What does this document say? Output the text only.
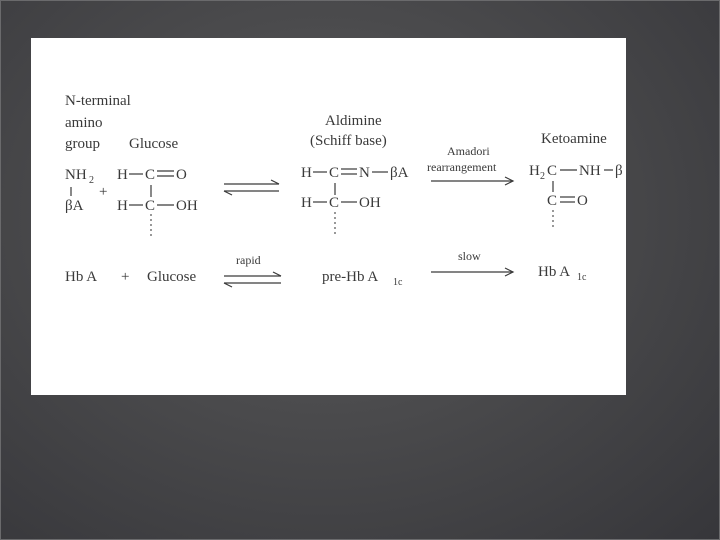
N-terminal
amino
group Glucose
NH 2
+
βA
H C O
H C OH
Aldimine
(Schiff base)
H C N βA
H C OH
Amadori
rearrangement
Ketoamine
H 2 C NH β
C O
Hb A + Glucose
rapid
pre-Hb A 1c
slow
Hb A 1c
